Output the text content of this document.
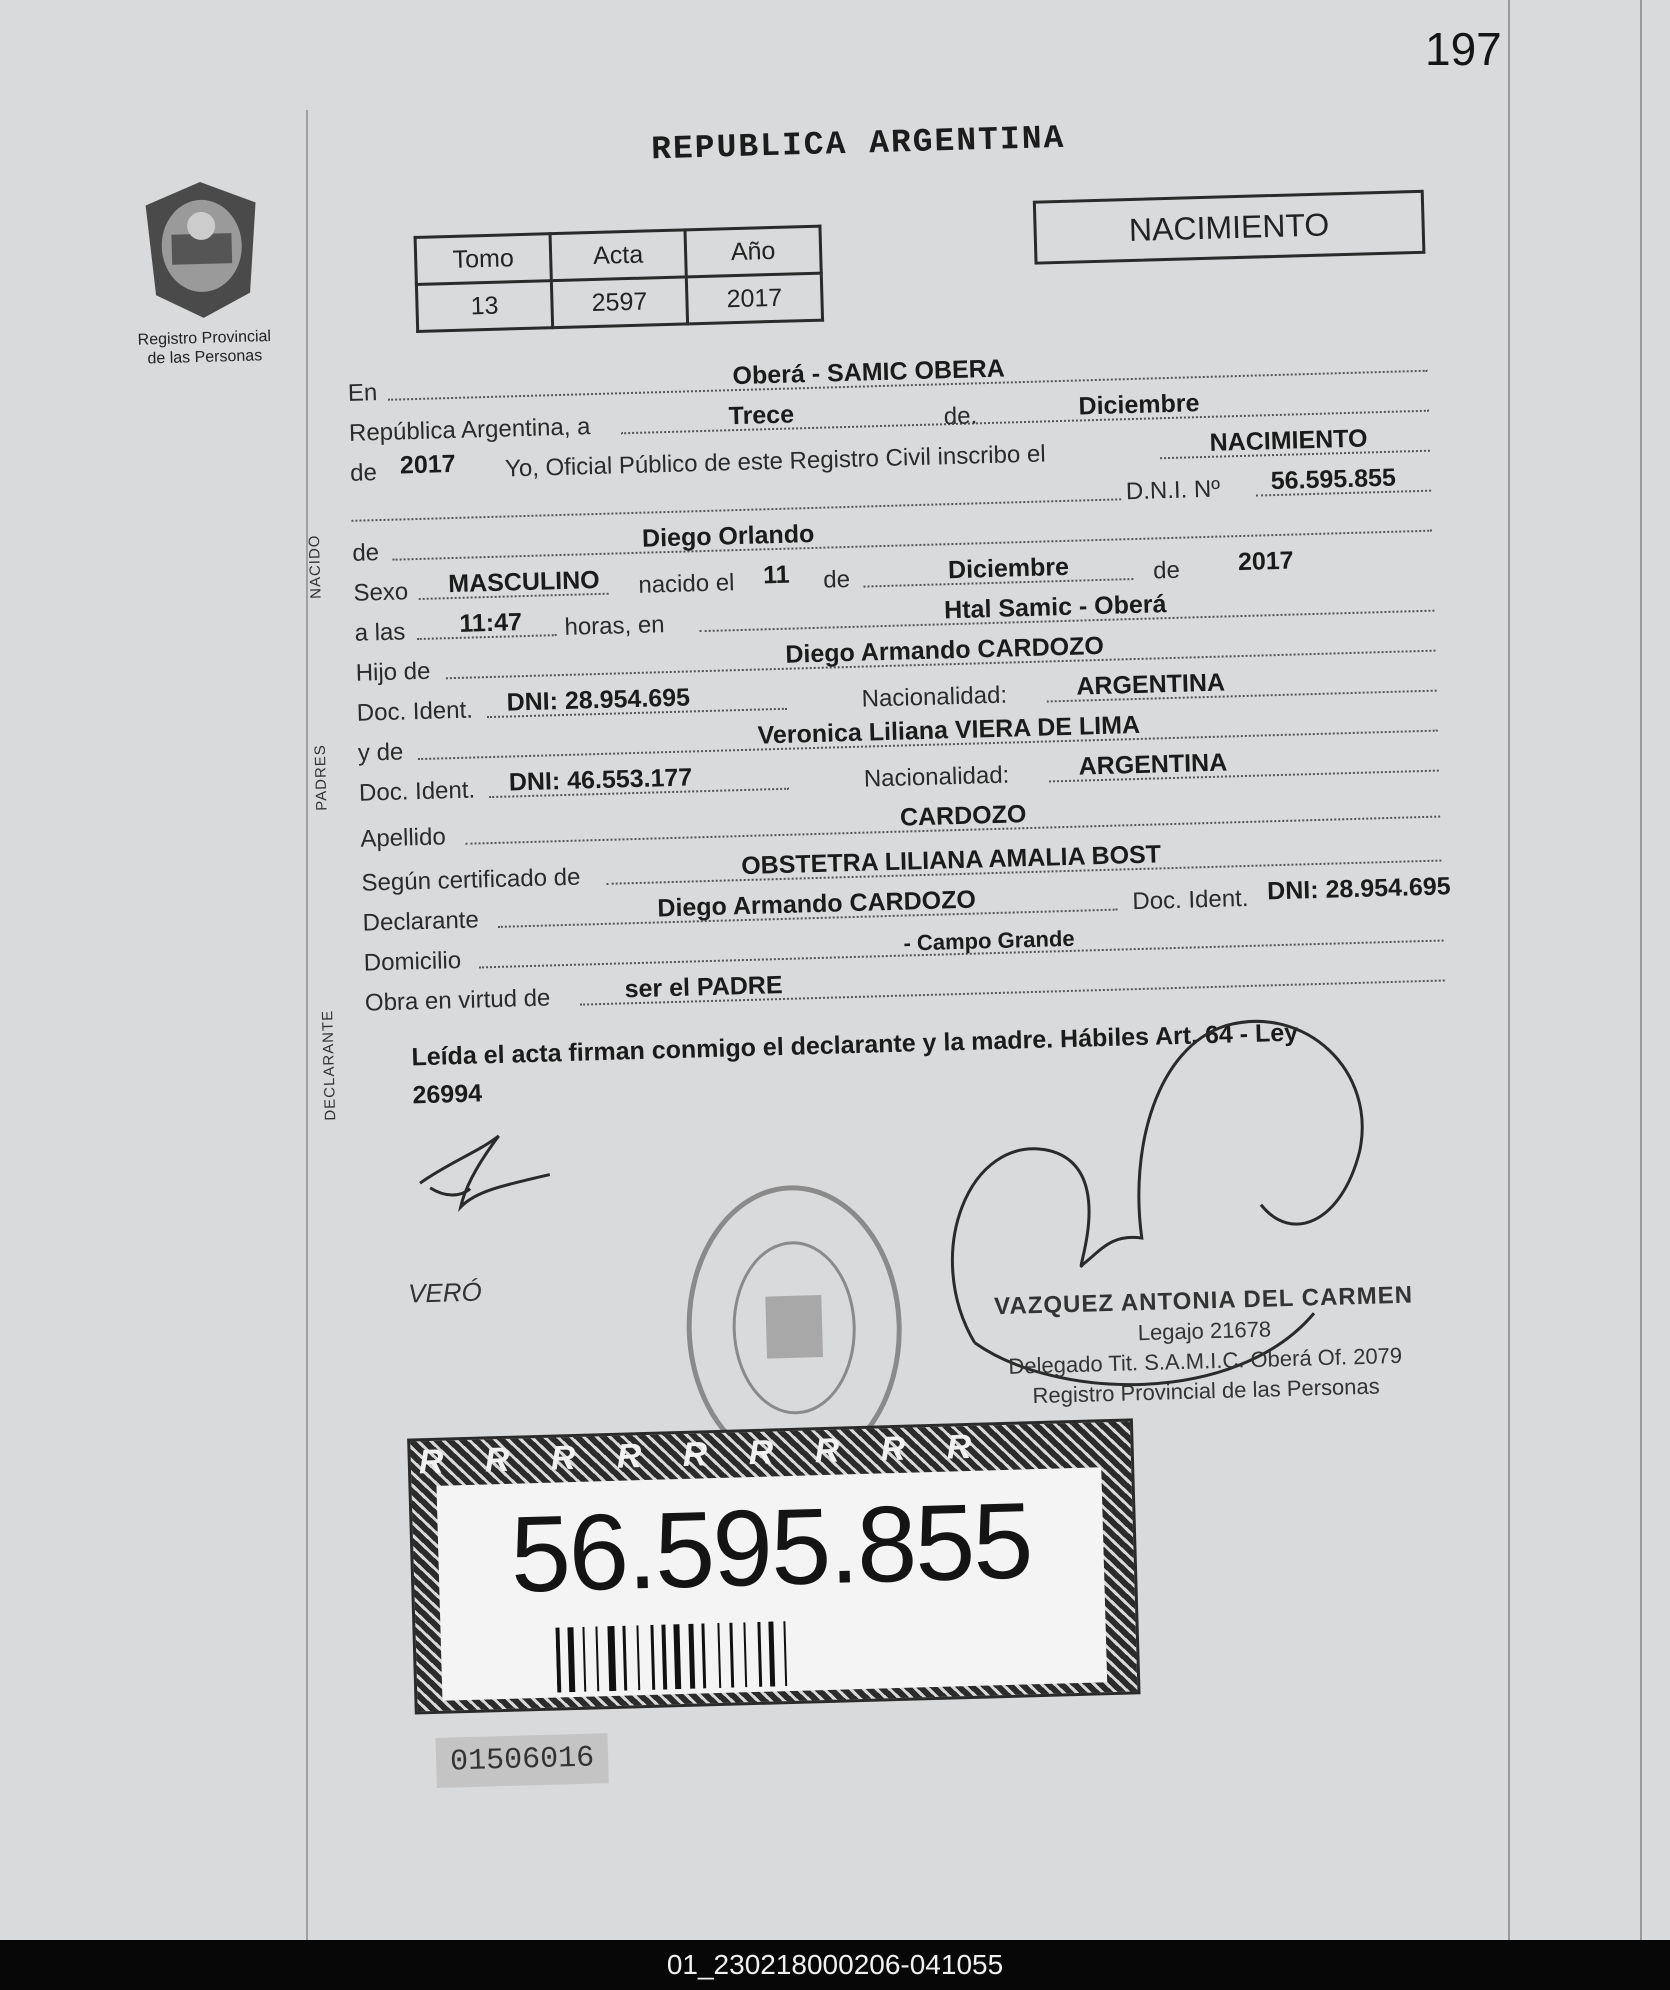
197
Registro Provincial
de las Personas
REPUBLICA ARGENTINA
Tomo	Acta	Año
13	2597	2017
NACIMIENTO
En
Oberá - SAMIC OBERA
República Argentina, a	Trece	de.	Diciembre
de 2017 Yo, Oficial Público de este Registro Civil inscribo el	NACIMIENTO
D.N.I. Nº 56.595.855
NACIDO de
Diego Orlando
Sexo MASCULINO nacido el 11 de	Diciembre	de 2017
a las 11:47 horas, en
Htal Samic - Oberá
PADRES
Hijo de
Diego Armando CARDOZO
Doc. Ident. DNI: 28.954.695	Nacionalidad:	ARGENTINA
y de
Veronica Liliana VIERA DE LIMA
Doc. Ident. DNI: 46.553.177	Nacionalidad:	ARGENTINA
Apellido
CARDOZO
DECLARANTE
Según certificado de
OBSTETRA LILIANA AMALIA BOST
Declarante	Diego Armando CARDOZO	Doc. Ident. DNI: 28.954.695
Domicilio
- Campo Grande
Obra en virtud de	ser el PADRE
Leída el acta firman conmigo el declarante y la madre. Hábiles Art. 64 - Ley
26994
VERÓ	VAZQUEZ ANTONIA DEL CARMEN
Legajo 21678
Delegado Tit. S.A.M.I.C. Oberá Of. 2079
Registro Provincial de las Personas
R R R R R R R R R
56.595.855
01506016
01_230218000206-041055
